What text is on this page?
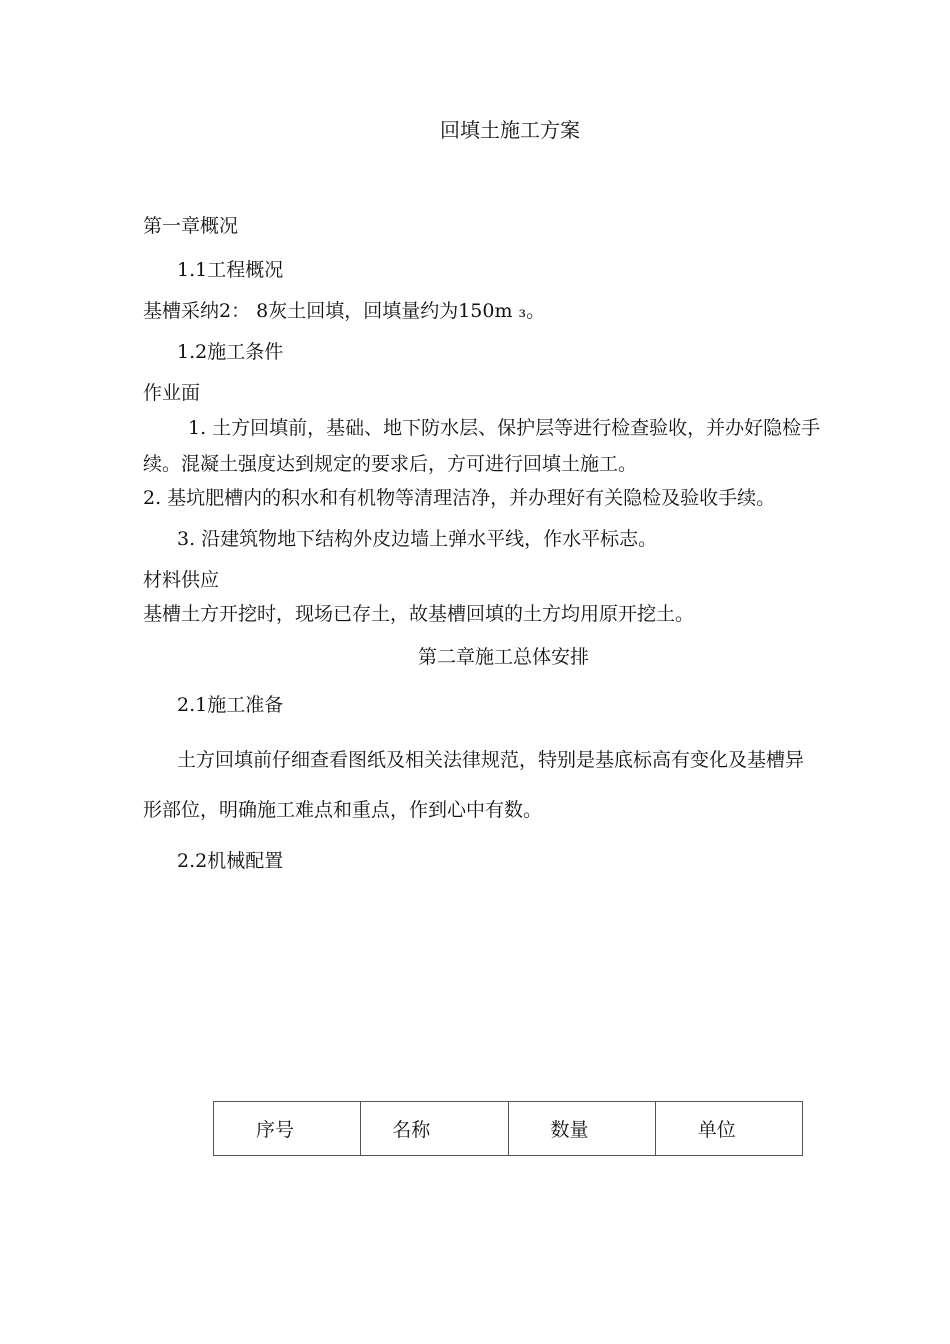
回填土施工方案
第一章概况
1.1工程概况
基槽采纳2： 8灰土回填，回填量约为150m ₃。
1.2施工条件
作业面
1. 土方回填前，基础、地下防水层、保护层等进行检查验收，并办好隐检手
续。混凝土强度达到规定的要求后，方可进行回填土施工。
2. 基坑肥槽内的积水和有机物等清理洁净，并办理好有关隐检及验收手续。
3. 沿建筑物地下结构外皮边墙上弹水平线，作水平标志。
材料供应
基槽土方开挖时，现场已存土，故基槽回填的土方均用原开挖土。
第二章施工总体安排
2.1施工准备
土方回填前仔细查看图纸及相关法律规范，特别是基底标高有变化及基槽异
形部位，明确施工难点和重点，作到心中有数。
2.2机械配置
序号	名称	数量	单位
